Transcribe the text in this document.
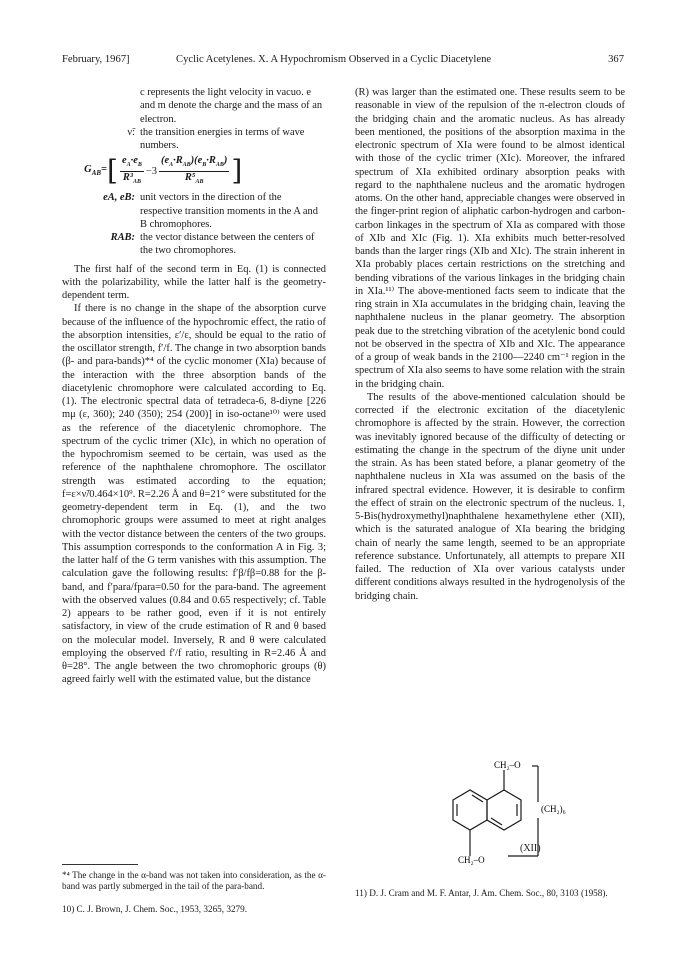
February, 1967]	Cyclic Acetylenes. X. A Hypochromism Observed in a Cyclic Diacetylene	367
c represents the light velocity in vacuo. e and m denote the charge and the mass of an electron.
ν̃: the transition energies in terms of wave numbers.
$G_{AB}=$ [ $\frac{e_A\cdot e_B}{R^3_{AB}} -3 \frac{(e_A\cdot R_{AB})(e_B\cdot R_{AB})}{R^5_{AB}}$ ]
eA, eB: unit vectors in the direction of the respective transition moments in the A and B chromophores.
RAB: the vector distance between the centers of the two chromophores.

The first half of the second term in Eq. (1) is connected with the polarizability, while the latter half is the geometry-dependent term.

If there is no change in the shape of the absorption curve because of the influence of the hypochromic effect, the ratio of the absorption intensities, ε′/ε, should be equal to the ratio of the oscillator strength, f′/f. The change in two absorption bands (β- and para-bands)*⁴ of the cyclic monomer (XIa) because of the interaction with the three absorption bands of the diacetylenic chromophore were calculated according to Eq. (1). The electronic spectral data of tetradeca-6, 8-diyne [226 mμ (ε, 360); 240 (350); 254 (200)] in iso-octane¹⁰⁾ were used as the reference of the diacetylenic chromophore. The spectrum of the cyclic trimer (XIc), in which no operation of the hypochromism seemed to be certain, was used as the reference of the naphthalene chromophore. The oscillator strength was estimated according to the equation; f=ε×ν̃/0.464×10⁹. R=2.26 Å and θ=21° were substituted for the geometry-dependent term in Eq. (1), and the two chromophoric groups were assumed to meet at right analges with the vector distance between the centers of the two groups. This assumption corresponds to the conformation A in Fig. 3; the latter half of the G term vanishes with this assumption. The calculation gave the following results: f′β/fβ=0.88 for the β-band, and f′para/fpara=0.50 for the para-band. The agreement with the observed values (0.84 and 0.65 respectively; cf. Table 2) appears to be rather good, even if it is not entirely satisfactory, in view of the crude estimation of R and θ based on the molecular model. Inversely, R and θ were calculated employing the observed f′/f ratio, resulting in R=2.46 Å and θ=28°. The angle between the two chromophoric groups (θ) agreed fairly well with the estimated value, but the distance

(R) was larger than the estimated one. These results seem to be reasonable in view of the repulsion of the π-electron clouds of the bridging chain and the aromatic nucleus. As has already been mentioned, the positions of the absorption maxima in the electronic spectrum of XIa were found to be almost identical with those of the cyclic trimer (XIc). Moreover, the infrared spectrum of XIa exhibited ordinary absorption peaks with regard to the naphthalene nucleus and the aromatic hydrogen atoms. On the other hand, appreciable changes were observed in the finger-print region of aliphatic carbon-hydrogen and carbon-carbon linkages in the spectrum of XIa as compared with those of XIb and XIc (Fig. 1). XIa exhibits much better-resolved bands than the larger rings (XIb and XIc). The strain inherent in XIa probably places certain restrictions on the stretching and bending vibrations of the various linkages in the bridging chain in XIa.¹¹⁾ The above-mentioned facts seem to indicate that the ring strain in XIa accumulates in the bridging chain, leaving the naphthalene nucleus in the planar geometry. The absorption peak due to the stretching vibration of the acetylenic bond could not be observed in the spectra of XIb and XIc. The appearance of a group of weak bands in the 2100—2240 cm⁻¹ region in the spectrum of XIa also seems to have some relation with the strain in the bridging chain.

The results of the above-mentioned calculation should be corrected if the electronic excitation of the diacetylenic chromophore is affected by the strain. However, the correction was inevitably ignored because of the difficulty of detecting or estimating the change in the spectrum of the diyne unit under the strain. As has been stated before, a planar geometry of the naphthalene nucleus in XIa was assumed on the basis of the infrared spectral evidence. However, it is desirable to confirm the effect of strain on the electronic spectrum of the nucleus. 1, 5-Bis(hydroxymethyl)naphthalene hexamethylene ether (XII), which is the saturated analogue of XIa bearing the bridging chain of nearly the same length, seemed to be an appropriate reference substance. Unfortunately, all attempts to prepare XII failed. The reduction of XIa over various catalysts under different conditions always resulted in the hydrogenolysis of the bridging chain.

CH₂–O
(CH₂)₆
CH₂–O
(XII)
*⁴ The change in the α-band was not taken into consideration, as the α-band was partly submerged in the tail of the para-band.
10) C. J. Brown, J. Chem. Soc., 1953, 3265, 3279.
11) D. J. Cram and M. F. Antar, J. Am. Chem. Soc., 80, 3103 (1958).
